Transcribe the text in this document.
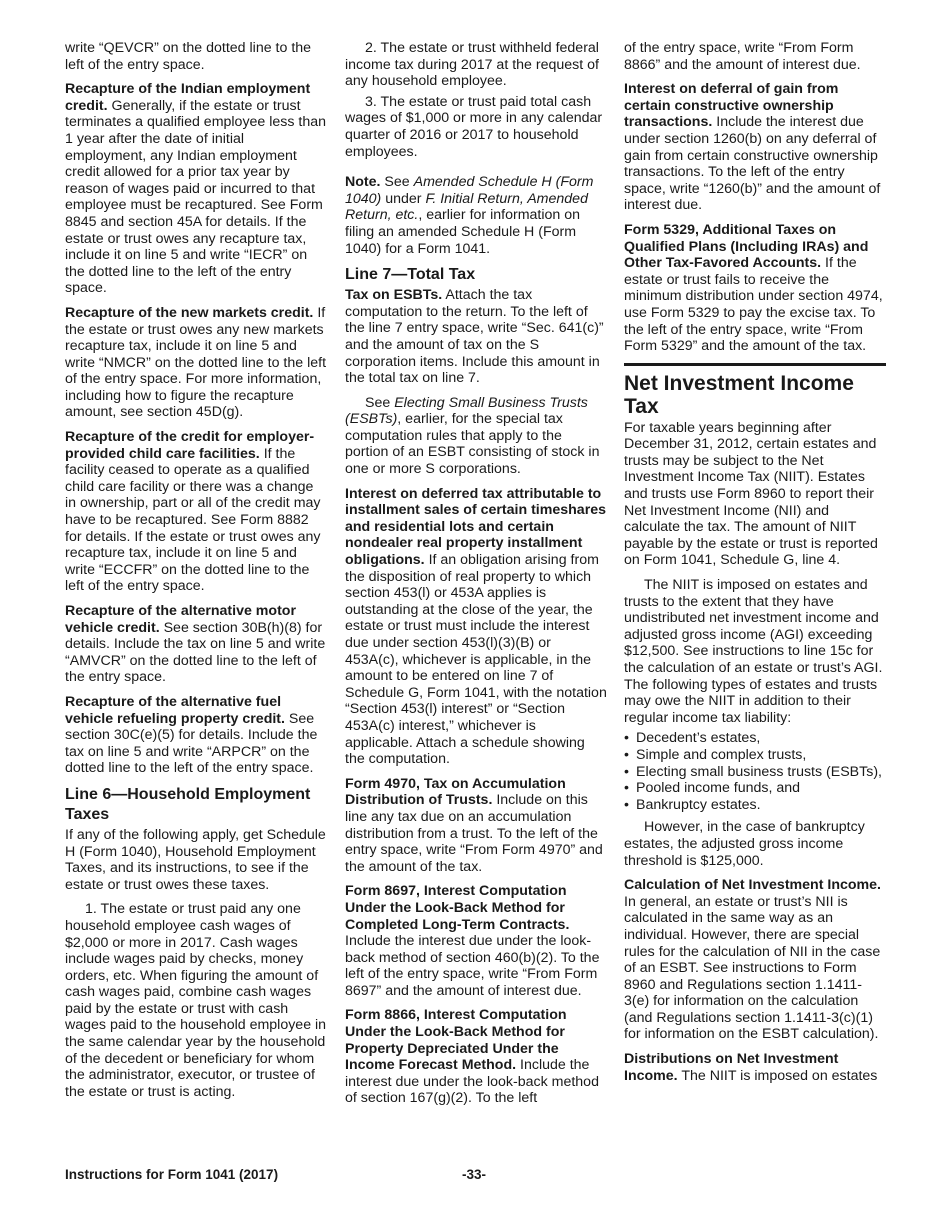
write “QEVCR” on the dotted line to the left of the entry space.

Recapture of the Indian employment credit. Generally, if the estate or trust terminates a qualified employee less than 1 year after the date of initial employment, any Indian employment credit allowed for a prior tax year by reason of wages paid or incurred to that employee must be recaptured. See Form 8845 and section 45A for details. If the estate or trust owes any recapture tax, include it on line 5 and write “IECR” on the dotted line to the left of the entry space.

Recapture of the new markets credit. If the estate or trust owes any new markets recapture tax, include it on line 5 and write “NMCR” on the dotted line to the left of the entry space. For more information, including how to figure the recapture amount, see section 45D(g).

Recapture of the credit for employer-provided child care facilities. If the facility ceased to operate as a qualified child care facility or there was a change in ownership, part or all of the credit may have to be recaptured. See Form 8882 for details. If the estate or trust owes any recapture tax, include it on line 5 and write “ECCFR” on the dotted line to the left of the entry space.

Recapture of the alternative motor vehicle credit. See section 30B(h)(8) for details. Include the tax on line 5 and write “AMVCR” on the dotted line to the left of the entry space.

Recapture of the alternative fuel vehicle refueling property credit. See section 30C(e)(5) for details. Include the tax on line 5 and write “ARPCR” on the dotted line to the left of the entry space.

Line 6—Household Employment Taxes

If any of the following apply, get Schedule H (Form 1040), Household Employment Taxes, and its instructions, to see if the estate or trust owes these taxes.

1. The estate or trust paid any one household employee cash wages of $2,000 or more in 2017. Cash wages include wages paid by checks, money orders, etc. When figuring the amount of cash wages paid, combine cash wages paid by the estate or trust with cash wages paid to the household employee in the same calendar year by the household of the decedent or beneficiary for whom the administrator, executor, or trustee of the estate or trust is acting.

2. The estate or trust withheld federal income tax during 2017 at the request of any household employee.

3. The estate or trust paid total cash wages of $1,000 or more in any calendar quarter of 2016 or 2017 to household employees.

Note. See Amended Schedule H (Form 1040) under F. Initial Return, Amended Return, etc., earlier for information on filing an amended Schedule H (Form 1040) for a Form 1041.

Line 7—Total Tax

Tax on ESBTs. Attach the tax computation to the return. To the left of the line 7 entry space, write “Sec. 641(c)” and the amount of tax on the S corporation items. Include this amount in the total tax on line 7.

See Electing Small Business Trusts (ESBTs), earlier, for the special tax computation rules that apply to the portion of an ESBT consisting of stock in one or more S corporations.

Interest on deferred tax attributable to installment sales of certain timeshares and residential lots and certain nondealer real property installment obligations. If an obligation arising from the disposition of real property to which section 453(l) or 453A applies is outstanding at the close of the year, the estate or trust must include the interest due under section 453(l)(3)(B) or 453A(c), whichever is applicable, in the amount to be entered on line 7 of Schedule G, Form 1041, with the notation “Section 453(l) interest” or “Section 453A(c) interest,” whichever is applicable. Attach a schedule showing the computation.

Form 4970, Tax on Accumulation Distribution of Trusts. Include on this line any tax due on an accumulation distribution from a trust. To the left of the entry space, write “From Form 4970” and the amount of the tax.

Form 8697, Interest Computation Under the Look-Back Method for Completed Long-Term Contracts. Include the interest due under the look-back method of section 460(b)(2). To the left of the entry space, write “From Form 8697” and the amount of interest due.

Form 8866, Interest Computation Under the Look-Back Method for Property Depreciated Under the Income Forecast Method. Include the interest due under the look-back method of section 167(g)(2). To the left

of the entry space, write “From Form 8866” and the amount of interest due.

Interest on deferral of gain from certain constructive ownership transactions. Include the interest due under section 1260(b) on any deferral of gain from certain constructive ownership transactions. To the left of the entry space, write “1260(b)” and the amount of interest due.

Form 5329, Additional Taxes on Qualified Plans (Including IRAs) and Other Tax-Favored Accounts. If the estate or trust fails to receive the minimum distribution under section 4974, use Form 5329 to pay the excise tax. To the left of the entry space, write “From Form 5329” and the amount of the tax.

Net Investment Income Tax

For taxable years beginning after December 31, 2012, certain estates and trusts may be subject to the Net Investment Income Tax (NIIT). Estates and trusts use Form 8960 to report their Net Investment Income (NII) and calculate the tax. The amount of NIIT payable by the estate or trust is reported on Form 1041, Schedule G, line 4.

The NIIT is imposed on estates and trusts to the extent that they have undistributed net investment income and adjusted gross income (AGI) exceeding $12,500. See instructions to line 15c for the calculation of an estate or trust’s AGI. The following types of estates and trusts may owe the NIIT in addition to their regular income tax liability:

• Decedent’s estates,
• Simple and complex trusts,
• Electing small business trusts (ESBTs),
• Pooled income funds, and
• Bankruptcy estates.

However, in the case of bankruptcy estates, the adjusted gross income threshold is $125,000.

Calculation of Net Investment Income. In general, an estate or trust’s NII is calculated in the same way as an individual. However, there are special rules for the calculation of NII in the case of an ESBT. See instructions to Form 8960 and Regulations section 1.1411-3(e) for information on the calculation (and Regulations section 1.1411-3(c)(1) for information on the ESBT calculation).

Distributions on Net Investment Income. The NIIT is imposed on estates

Instructions for Form 1041 (2017)	-33-
